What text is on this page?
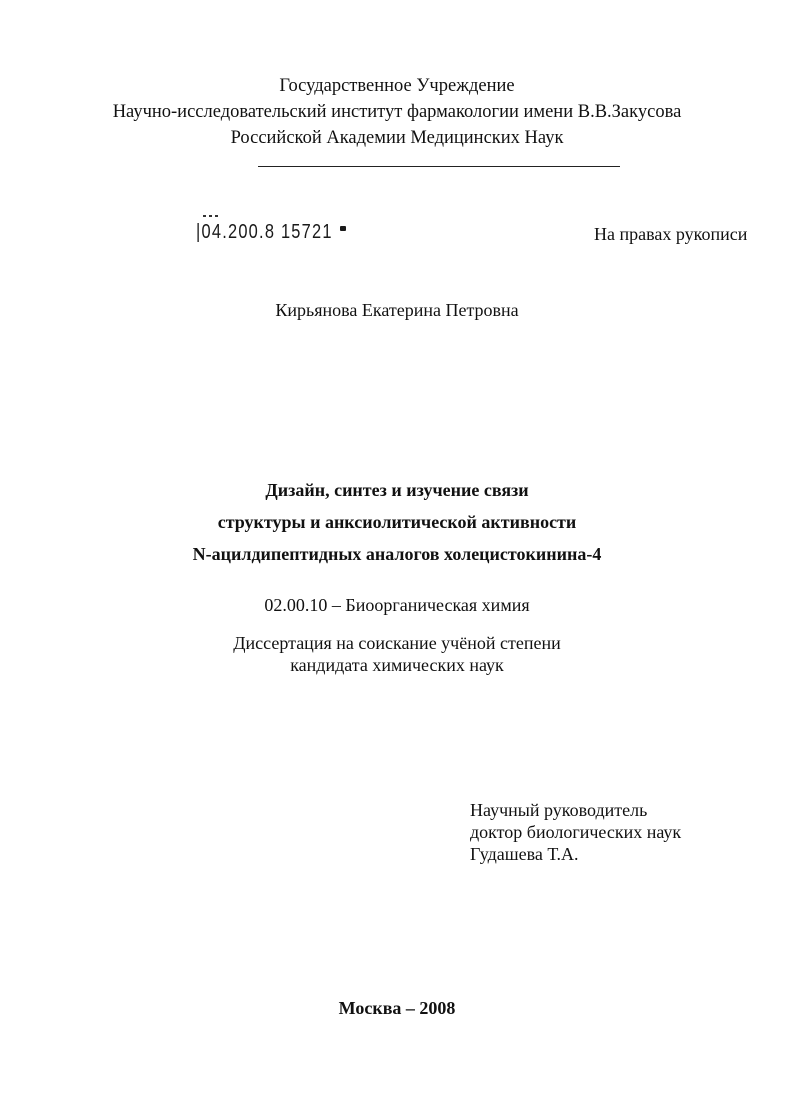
Государственное Учреждение
Научно-исследовательский институт фармакологии имени В.В.Закусова
Российской Академии Медицинских Наук
|04.200.8 15721	На правах рукописи
Кирьянова Екатерина Петровна
Дизайн, синтез и изучение связи
структуры и анксиолитической активности
N-ацилдипептидных аналогов холецистокинина-4
02.00.10 – Биоорганическая химия
Диссертация на соискание учёной степени
кандидата химических наук
Научный руководитель
доктор биологических наук
Гудашева Т.А.
Москва – 2008
